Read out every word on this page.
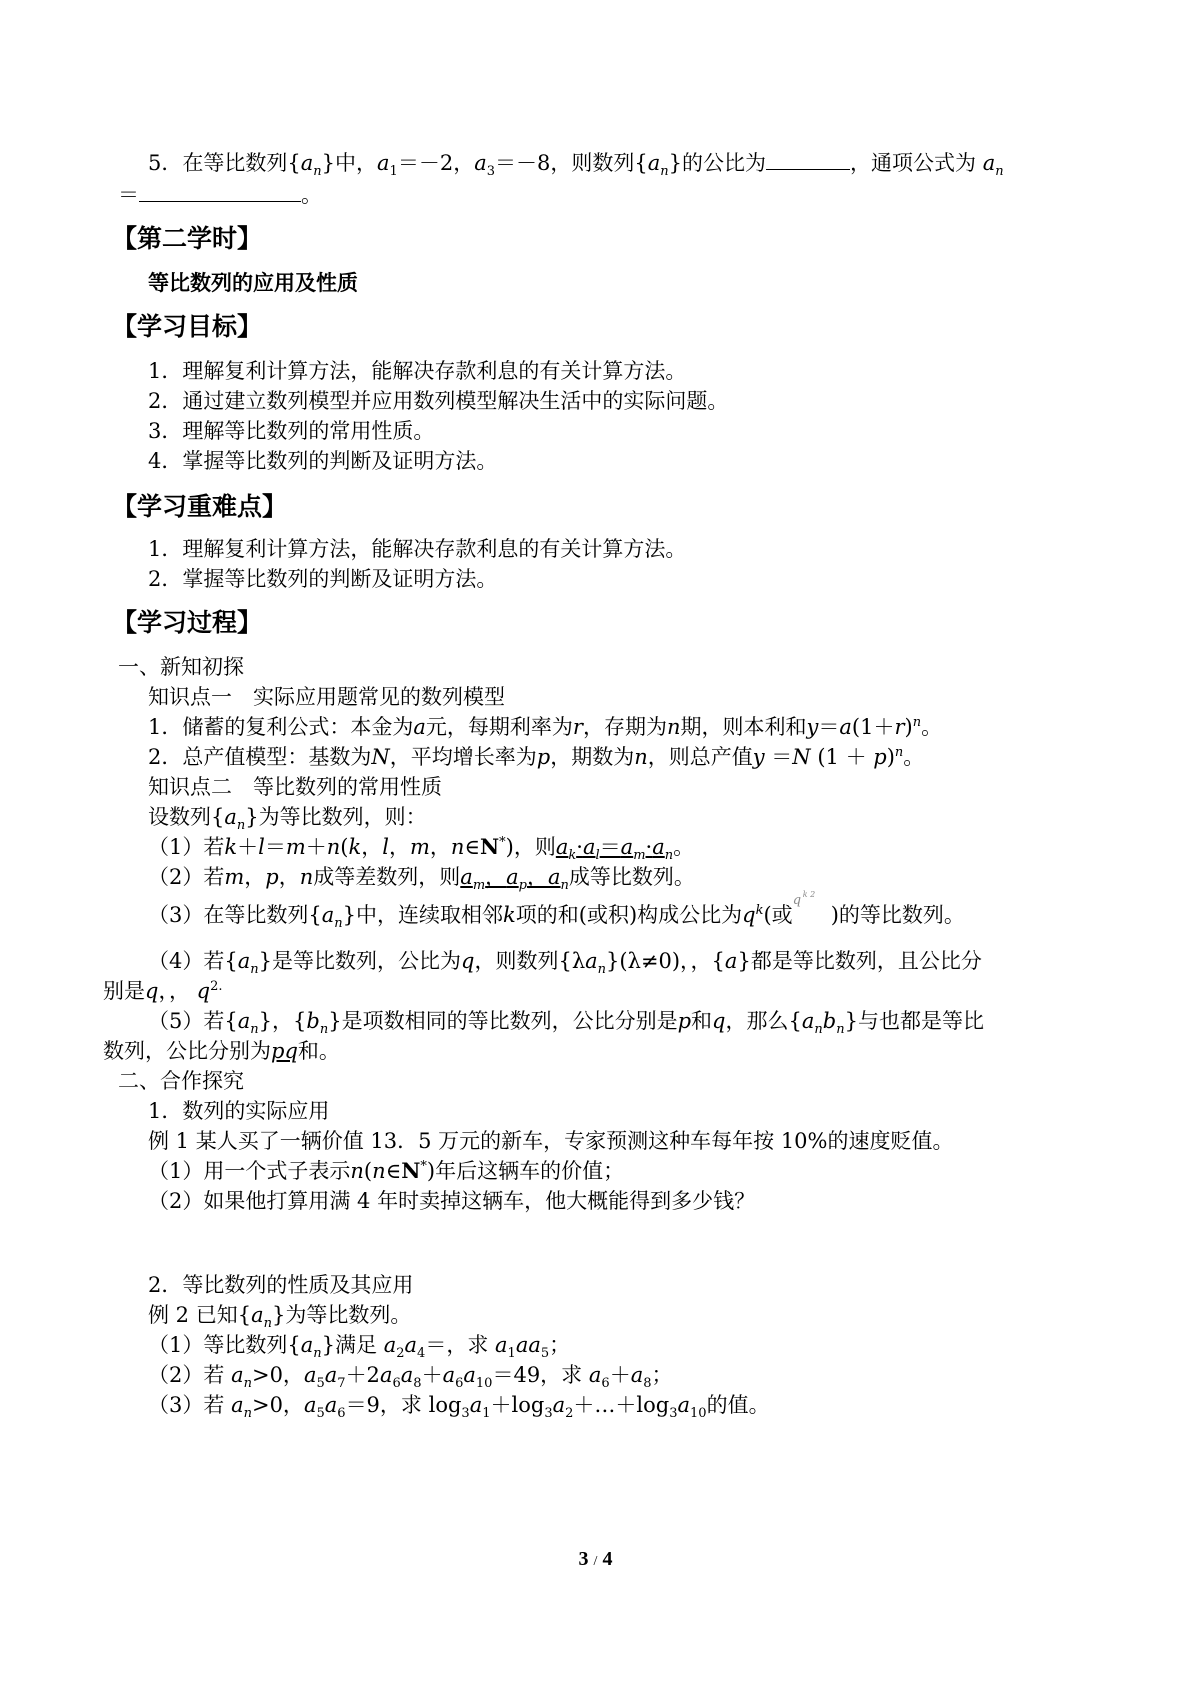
5．在等比数列$\{a_n\}$中，$a_1=-2$，$a_3=-8$，则数列$\{a_n\}$的公比为	，通项公式为 $a_n$
＝	。
【第二学时】
等比数列的应用及性质
【学习目标】
1．理解复利计算方法，能解决存款利息的有关计算方法。
2．通过建立数列模型并应用数列模型解决生活中的实际问题。
3．理解等比数列的常用性质。
4．掌握等比数列的判断及证明方法。
【学习重难点】
1．理解复利计算方法，能解决存款利息的有关计算方法。
2．掌握等比数列的判断及证明方法。
【学习过程】
一、新知初探
知识点一　实际应用题常见的数列模型
1．储蓄的复利公式：本金为a元，每期利率为r，存期为n期，则本利和$y=a(1+r)^n$。
2．总产值模型：基数为N，平均增长率为p，期数为n，则总产值y ＝N $(1 + p)^n$。
知识点二　等比数列的常用性质
设数列$\{a_n\}$为等比数列，则：
（1）若k＋l＝m＋n(k，l，m，n∈N*)，则$a_k\cdot a_l=a_m\cdot a_n$。
（2）若m，p，n成等差数列，则$a_m$，$a_p$，$a_n$成等比数列。
（3）在等比数列$\{a_n\}$中，连续取相邻k项的和(或积)构成公比为$q^k$(或
q k 2
)的等比数列。
（4）若$\{a_n\}$是等比数列，公比为q，则数列$\{\lambda a_n\}(\lambda\ne 0)$，，{a}都是等比数列，且公比分
别是q，， $q^{2.}$
（5）若$\{a_n\}$，$\{b_n\}$是项数相同的等比数列，公比分别是p和q，那么$\{a_nb_n\}$与也都是等比
数列，公比分别为pq和。
二、合作探究
1．数列的实际应用
例 1 某人买了一辆价值 13．5 万元的新车，专家预测这种车每年按 10%的速度贬值。
（1）用一个式子表示n(n∈N*)年后这辆车的价值；
（2）如果他打算用满 4 年时卖掉这辆车，他大概能得到多少钱？
2．等比数列的性质及其应用
例 2 已知$\{a_n\}$为等比数列。
（1）等比数列$\{a_n\}$满足 $a_2a_4=$，求 $a_1aa_5$；
（2）若 $a_n>0$，$a_5a_7+2a_6a_8+a_6a_{10}=49$，求 $a_6+a_8$；
（3）若 $a_n>0$，$a_5a_6=9$，求 $\log_3a_1+\log_3a_2+\dots+\log_3a_{10}$的值。
3 / 4
